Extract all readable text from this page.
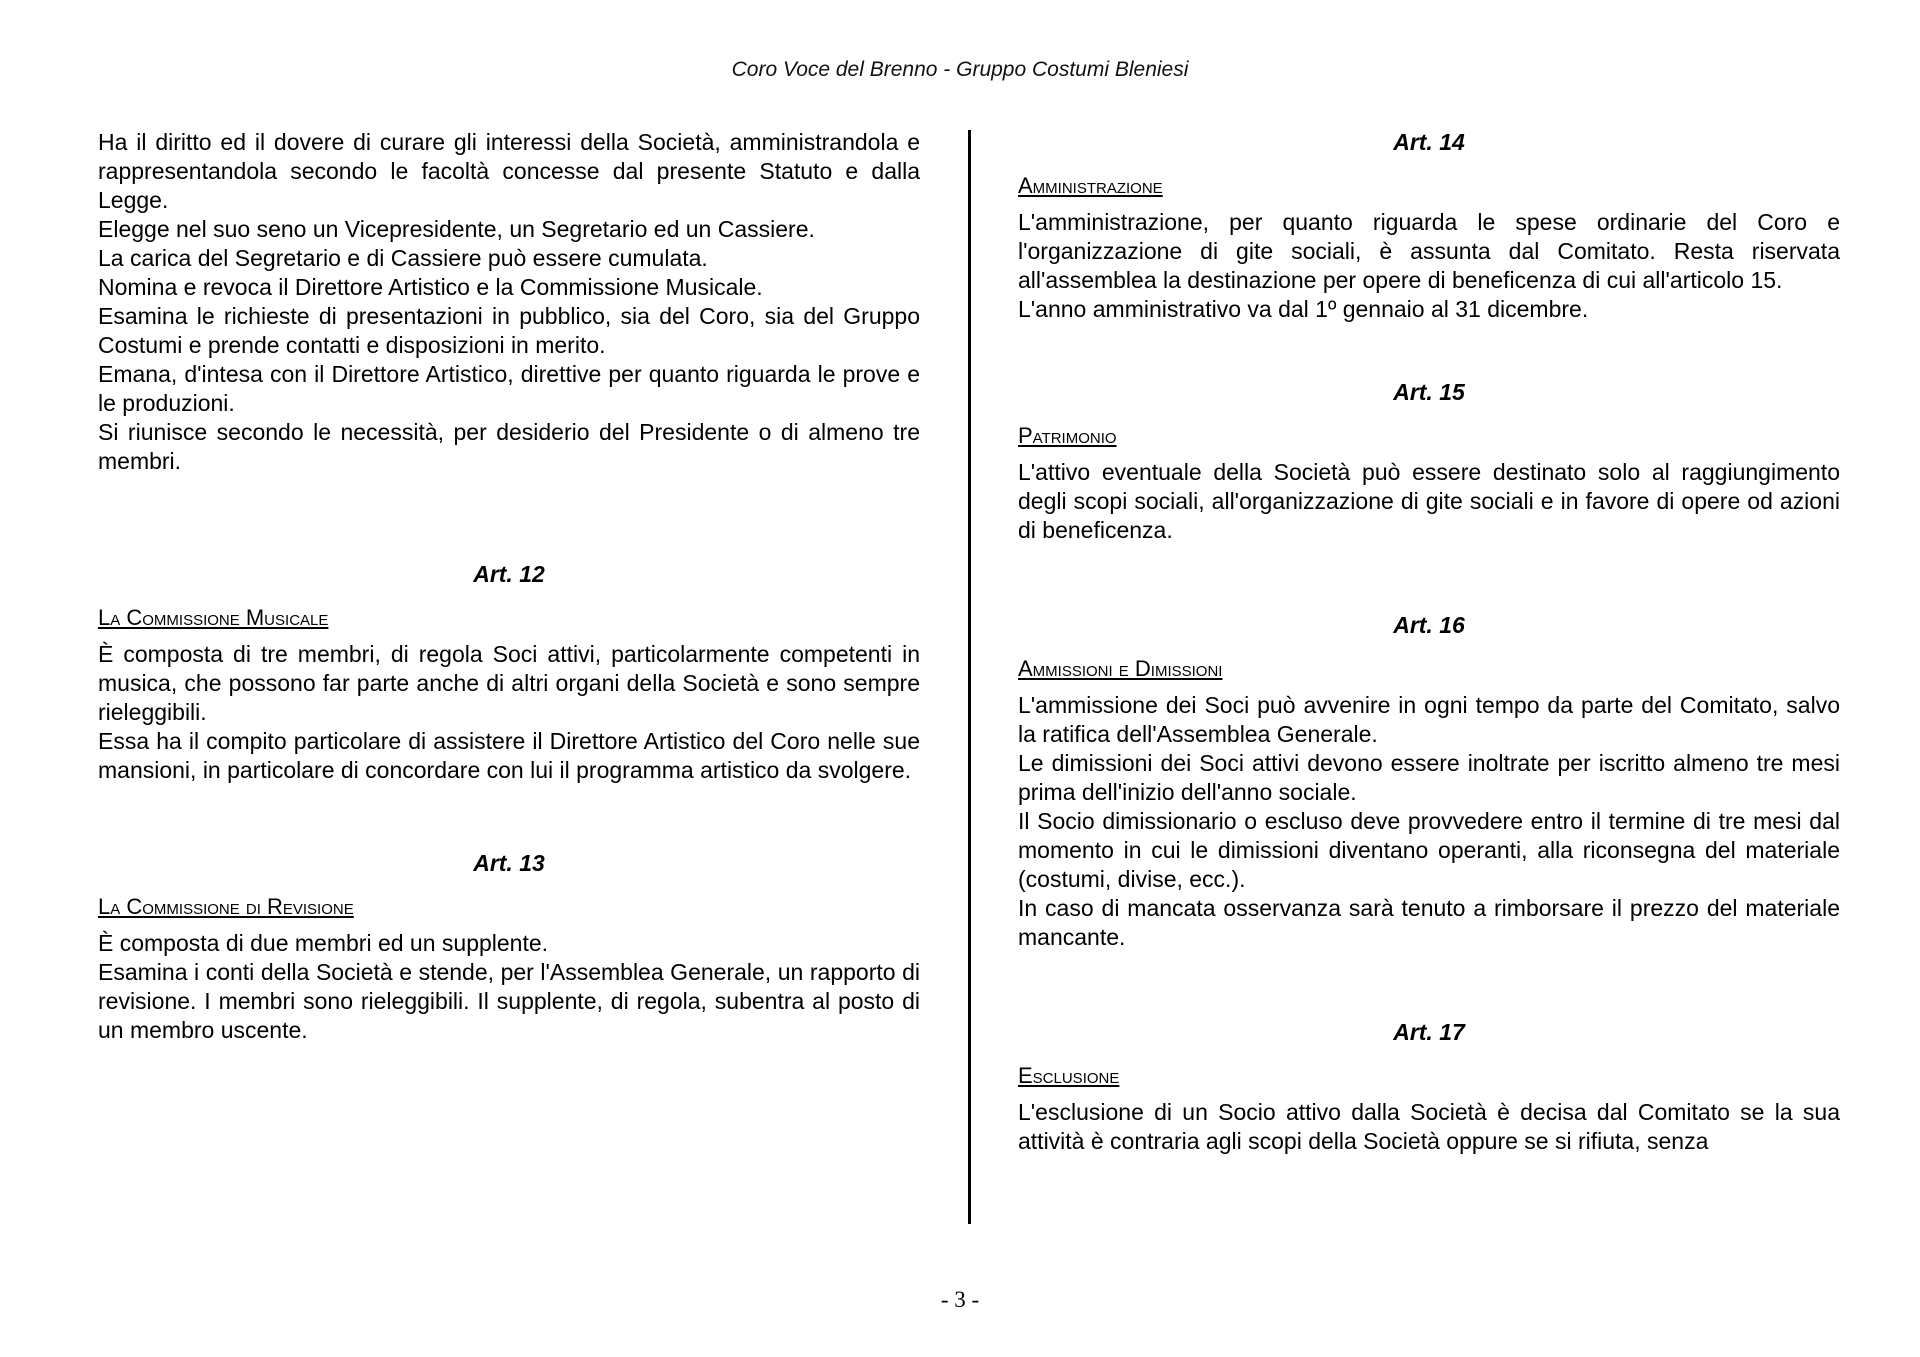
Coro Voce del Brenno - Gruppo Costumi Bleniesi

Ha il diritto ed il dovere di curare gli interessi della Società, amministrandola e rappresentandola secondo le facoltà concesse dal presente Statuto e dalla Legge.

Elegge nel suo seno un Vicepresidente, un Segretario ed un Cassiere.

La carica del Segretario e di Cassiere può essere cumulata.

Nomina e revoca il Direttore Artistico e la Commissione Musicale.

Esamina le richieste di presentazioni in pubblico, sia del Coro, sia del Gruppo Costumi e prende contatti e disposizioni in merito.

Emana, d'intesa con il Direttore Artistico, direttive per quanto riguarda le prove e le produzioni.

Si riunisce secondo le necessità, per desiderio del Presidente o di almeno tre membri.

Art. 12

La Commissione Musicale

È composta di tre membri, di regola Soci attivi, particolarmente competenti in musica, che possono far parte anche di altri organi della Società e sono sempre rieleggibili.

Essa ha il compito particolare di assistere il Direttore Artistico del Coro nelle sue mansioni, in particolare di concordare con lui il programma artistico da svolgere.

Art. 13

La Commissione di Revisione

È composta di due membri ed un supplente.

Esamina i conti della Società e stende, per l'Assemblea Generale, un rapporto di revisione. I membri sono rieleggibili. Il supplente, di regola, subentra al posto di un membro uscente.

Art. 14

Amministrazione

L'amministrazione, per quanto riguarda le spese ordinarie del Coro e l'organizzazione di gite sociali, è assunta dal Comitato. Resta riservata all'assemblea la destinazione per opere di beneficenza di cui all'articolo 15.

L'anno amministrativo va dal 1º gennaio al 31 dicembre.

Art. 15

Patrimonio

L'attivo eventuale della Società può essere destinato solo al raggiungimento degli scopi sociali, all'organizzazione di gite sociali e in favore di opere od azioni di beneficenza.

Art. 16

Ammissioni e Dimissioni

L'ammissione dei Soci può avvenire in ogni tempo da parte del Comitato, salvo la ratifica dell'Assemblea Generale.

Le dimissioni dei Soci attivi devono essere inoltrate per iscritto almeno tre mesi prima dell'inizio dell'anno sociale.

Il Socio dimissionario o escluso deve provvedere entro il termine di tre mesi dal momento in cui le dimissioni diventano operanti, alla riconsegna del materiale (costumi, divise, ecc.).

In caso di mancata osservanza sarà tenuto a rimborsare il prezzo del materiale mancante.

Art. 17

Esclusione

L'esclusione di un Socio attivo dalla Società è decisa dal Comitato se la sua attività è contraria agli scopi della Società oppure se si rifiuta, senza

- 3 -
